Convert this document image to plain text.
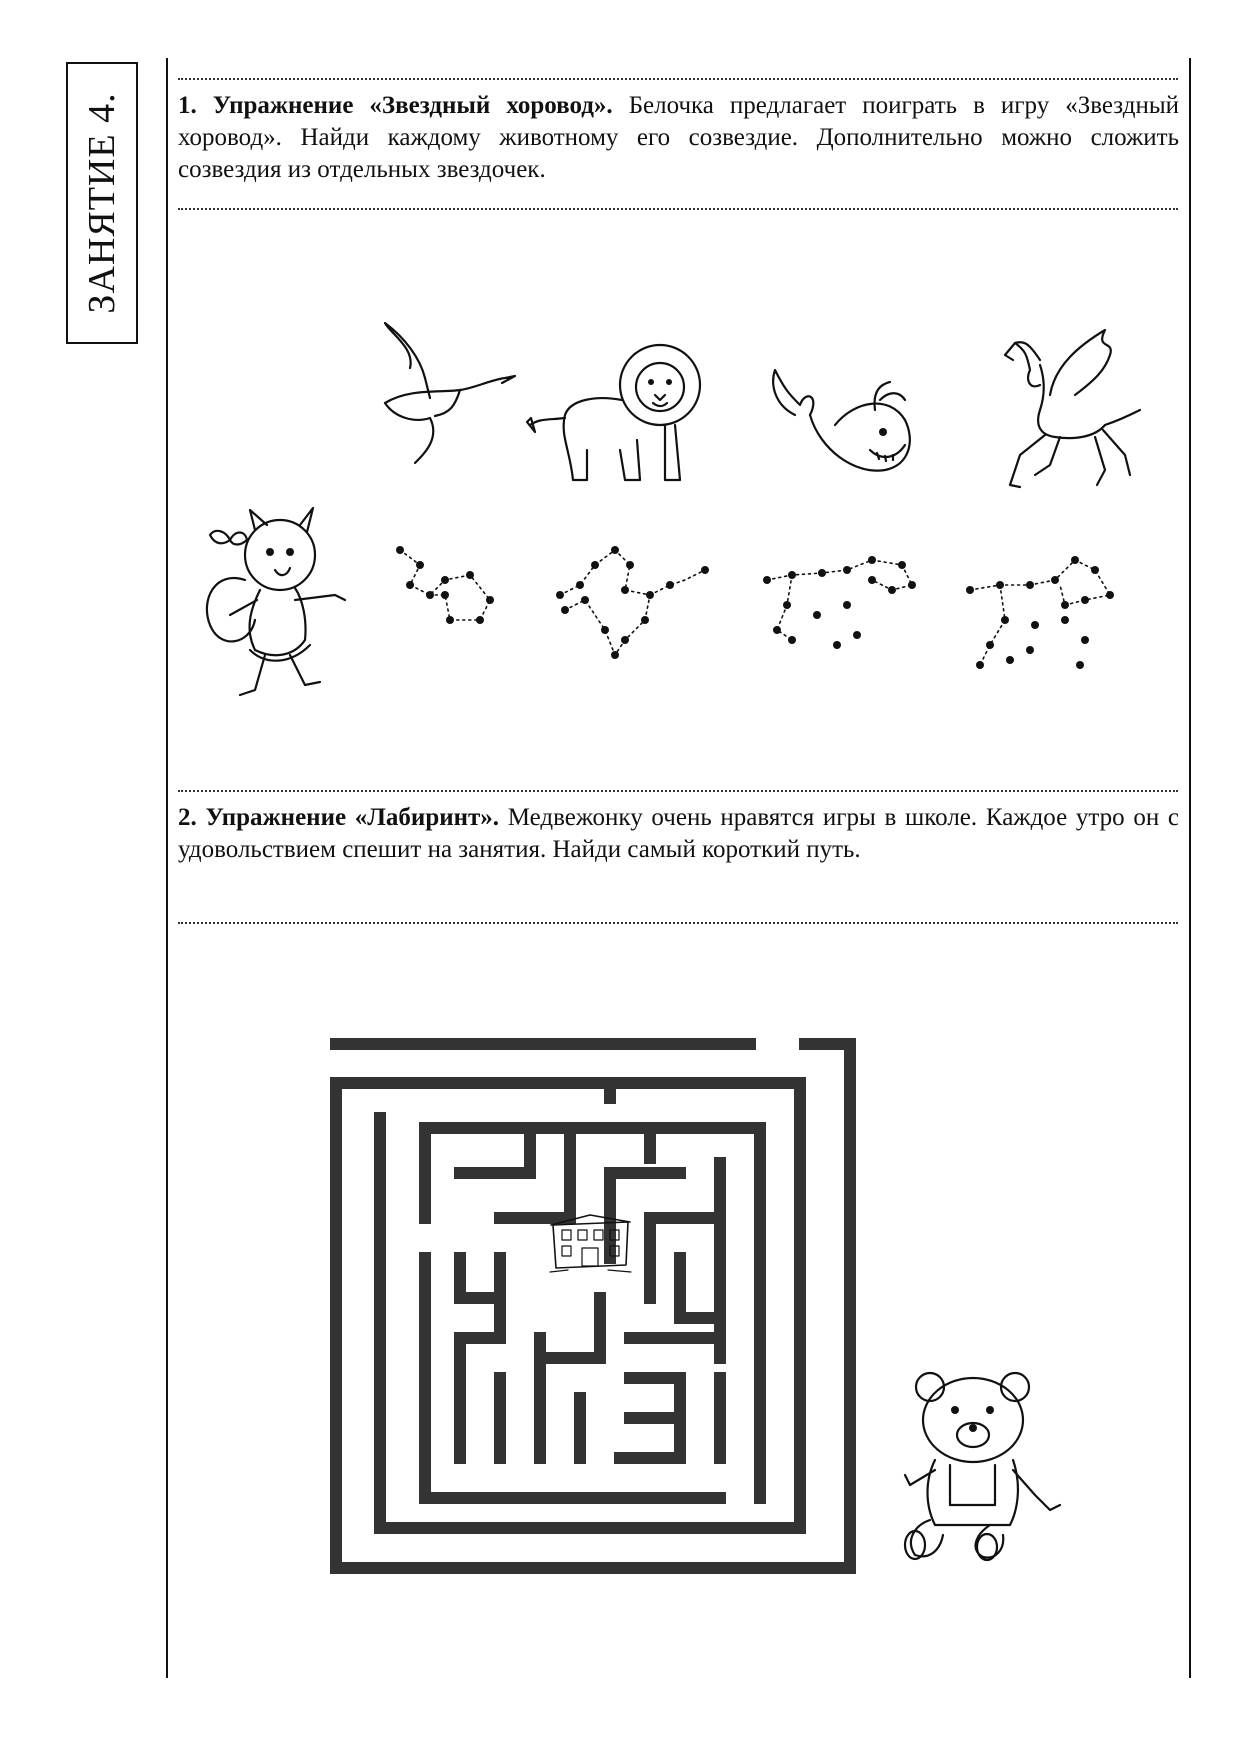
ЗАНЯТИЕ 4. 1. Упражнение «Звездный хоровод». Белочка предлагает поиграть в игру «Звездный хоровод». Найди каждому животному его созвездие. Дополнительно можно сложить созвездия из отдельных звездочек.
2. Упражнение «Лабиринт». Медвежонку очень нравятся игры в школе. Каждое утро он с удовольствием спешит на занятия. Найди самый короткий путь.
